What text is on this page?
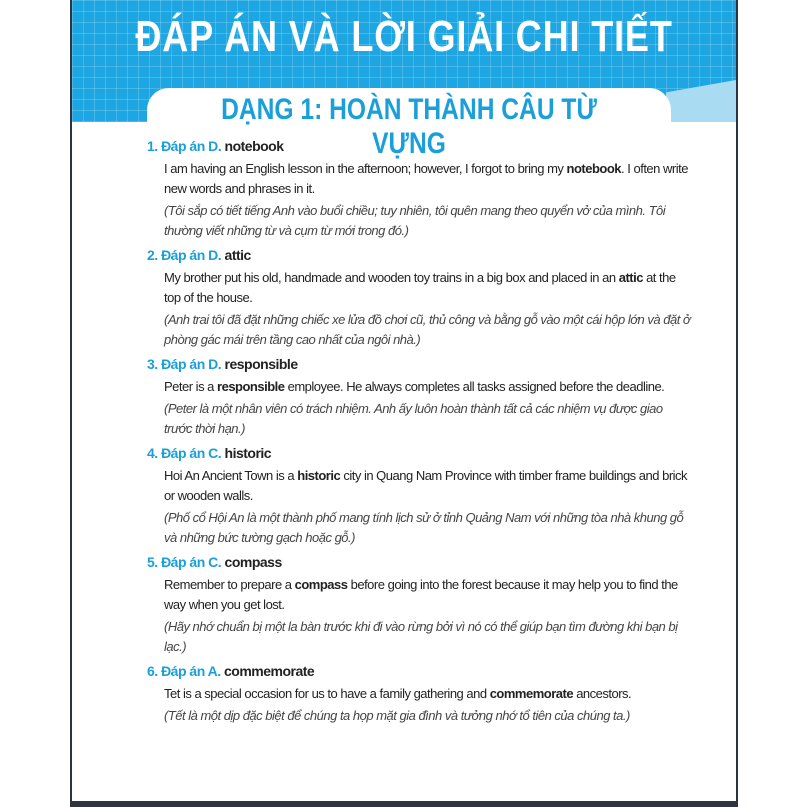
ĐÁP ÁN VÀ LỜI GIẢI CHI TIẾT
DẠNG 1: HOÀN THÀNH CÂU TỪ VỰNG
1. Đáp án D. notebook
I am having an English lesson in the afternoon; however, I forgot to bring my notebook. I often write new words and phrases in it.
(Tôi sắp có tiết tiếng Anh vào buổi chiều; tuy nhiên, tôi quên mang theo quyển vở của mình. Tôi thường viết những từ và cụm từ mới trong đó.)
2. Đáp án D. attic
My brother put his old, handmade and wooden toy trains in a big box and placed in an attic at the top of the house.
(Anh trai tôi đã đặt những chiếc xe lửa đồ chơi cũ, thủ công và bằng gỗ vào một cái hộp lớn và đặt ở phòng gác mái trên tầng cao nhất của ngôi nhà.)
3. Đáp án D. responsible
Peter is a responsible employee. He always completes all tasks assigned before the deadline.
(Peter là một nhân viên có trách nhiệm. Anh ấy luôn hoàn thành tất cả các nhiệm vụ được giao trước thời hạn.)
4. Đáp án C. historic
Hoi An Ancient Town is a historic city in Quang Nam Province with timber frame buildings and brick or wooden walls.
(Phố cổ Hội An là một thành phố mang tính lịch sử ở tỉnh Quảng Nam với những tòa nhà khung gỗ và những bức tường gạch hoặc gỗ.)
5. Đáp án C. compass
Remember to prepare a compass before going into the forest because it may help you to find the way when you get lost.
(Hãy nhớ chuẩn bị một la bàn trước khi đi vào rừng bởi vì nó có thể giúp bạn tìm đường khi bạn bị lạc.)
6. Đáp án A. commemorate
Tet is a special occasion for us to have a family gathering and commemorate ancestors.
(Tết là một dịp đặc biệt để chúng ta họp mặt gia đình và tưởng nhớ tổ tiên của chúng ta.)
